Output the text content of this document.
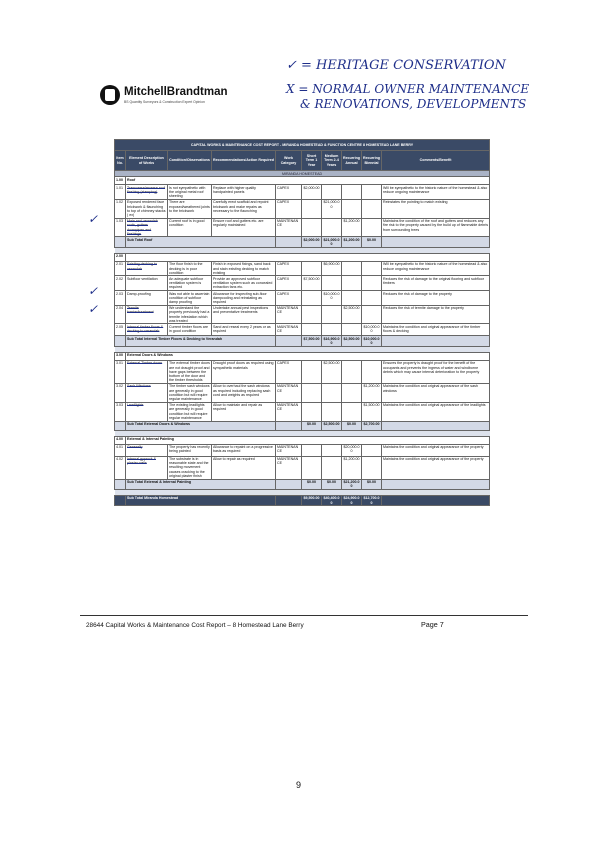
✓ = HERITAGE CONSERVATION
X = NORMAL OWNER MAINTENANCE
& RENOVATIONS, DEVELOPMENTS
MitchellBrandtman
BS Quantity Surveyors & Construction Expert Opinion
✓
✓
✓
CAPITAL WORKS & MAINTENANCE COST REPORT - MIRANDA HOMESTEAD & FUNCTION CENTRE 8 HOMESTEAD LANE BERRY									
Item No.	Element Description of Works	Condition/Observations	Recommendations/Action Required	Work Category	Short Term 1 Year	Medium Term 2-4 Years	Recurring Annual	Recurring Biennial	Comments/Benefit
MIRANDA HOMESTEAD									
1.00	Roof								
1.01	Transverse/reverse roof flashing (stamping)	Is not sympathetic with the original metal roof sheeting	Replace with higher quality handpainted panels	CAPEX	$2,000.00				Will be sympathetic to the historic nature of the homestead & also reduce ongoing maintenance
1.02	Exposed rendered face brickwork & flaunching to top of chimney stacks ( ex)	There are exposed/weathered joints to the brickwork	Carefully erect scaffold and repoint brickwork and make repairs as necessary to the flaunching	CAPEX		$21,000.00			Reinstates the pointing to match existing
1.03	Main and verandah roofs, gutters downpipes and flashings	Current roof is in good condition	Ensure roof and gutters etc. are regularly maintained	MAINTENANCE			$1,200.00		Maintains the condition of the roof and gutters and reduces any fire risk to the property caused by the build up of flammable debris from surrounding trees
	Sub Total Roof				$2,000.00	$21,000.00	$1,200.00	$0.00	

2.00									
2.01	Existing decking to verandah	The floor finish to the decking is in poor condition	Finish in exposed fixings, sand back and stain existing decking to match existing	CAPEX		$6,900.00			Will be sympathetic to the historic nature of the homestead & also reduce ongoing maintenance
2.02	Subfloor ventilation	An adequate subfloor ventilation system is required	Provide an approved subfloor ventilation system such as concealed extraction fans etc.	CAPEX	$7,500.00				Reduces the risk of damage to the original flooring and subfloor timbers
2.03	Damp-proofing	Was not able to ascertain condition of subfloor damp proofing	Allowance for inspecting sub-floor dampcoding and reinstating as required	CAPEX		$10,000.00			Reduces the risk of damage to the property
2.04	Termite barrier/treatment	We understand the property previously had a termite infestation which was treated	Undertake annual pest inspections and preventative treatments	MAINTENANCE			$2,500.00		Reduces the risk of termite damage to the property
2.05	Internal timber floors & decking to verandah	Current timber floors are in good condition	Sand and reseal every 2 years or as required	MAINTENANCE				$10,000.00	Maintains the condition and original appearance of the timber floors & decking
	Sub Total Internal Timber Floors & Decking to Verandah				$7,500.00	$16,900.00	$2,500.00	$10,000.00	

3.00	External Doors & Windows								
3.01	External Timber doors	The external timber doors are not draught proof and have gaps between the bottom of the door and the timber thresholds	Draught proof doors as required using sympathetic materials	CAPEX		$2,500.00			Ensures the property is draught proof for the benefit of the occupants and prevents the ingress of water and windborne debris which may cause internal deterioration to the property
3.02	Sash Windows	The timber sash windows are generally in good condition but will require regular maintenance	Allow to overhaul the sash windows as required including replacing sash cord and weights as required	MAINTENANCE				$1,200.00	Maintains the condition and original appearance of the sash windows
3.03	Leadlights	The existing leadlights are generally in good condition but will require regular maintenance	Allow to maintain and repair as required	MAINTENANCE				$1,500.00	Maintains the condition and original appearance of the leadlights
	Sub Total External Doors & Windows				$0.00	$2,500.00	$0.00	$2,700.00	

4.00	External & Internal Painting								
4.01	Generally	The property has recently being painted	Allowance to repaint on a progressive basis as required	MAINTENANCE			$20,000.00		Maintains the condition and original appearance of the property
4.02	Internal gyprock & plaster walls	The substrate is in reasonable state and the resulting movement causes cracking to the original plaster finish	Allow to repair as required	MAINTENANCE			$1,200.00		Maintains the condition and original appearance of the property
	Sub Total External & Internal Painting				$0.00	$0.00	$21,200.00	$0.00	

	Sub Total Miranda Homestead				$9,500.00	$40,400.00	$24,900.00	$12,700.00	
28644 Capital Works & Maintenance Cost Report – 8 Homestead Lane Berry	Page 7
9
